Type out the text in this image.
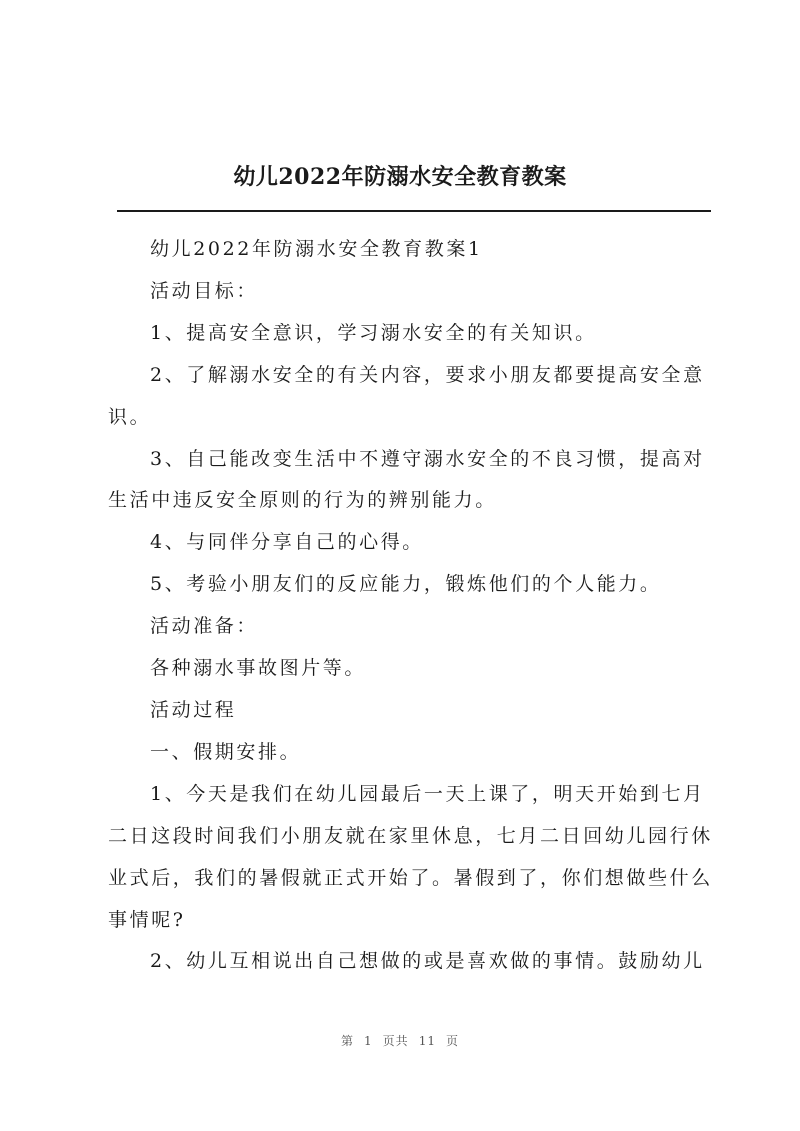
幼儿2022年防溺水安全教育教案

幼儿2022年防溺水安全教育教案1

活动目标：

1、提高安全意识，学习溺水安全的有关知识。

2、了解溺水安全的有关内容，要求小朋友都要提高安全意

识。

3、自己能改变生活中不遵守溺水安全的不良习惯，提高对

生活中违反安全原则的行为的辨别能力。

4、与同伴分享自己的心得。

5、考验小朋友们的反应能力，锻炼他们的个人能力。

活动准备：

各种溺水事故图片等。

活动过程

一、假期安排。

1、今天是我们在幼儿园最后一天上课了，明天开始到七月

二日这段时间我们小朋友就在家里休息，七月二日回幼儿园行休

业式后，我们的暑假就正式开始了。暑假到了，你们想做些什么

事情呢?

2、幼儿互相说出自己想做的或是喜欢做的事情。鼓励幼儿

第 1 页共 11 页
